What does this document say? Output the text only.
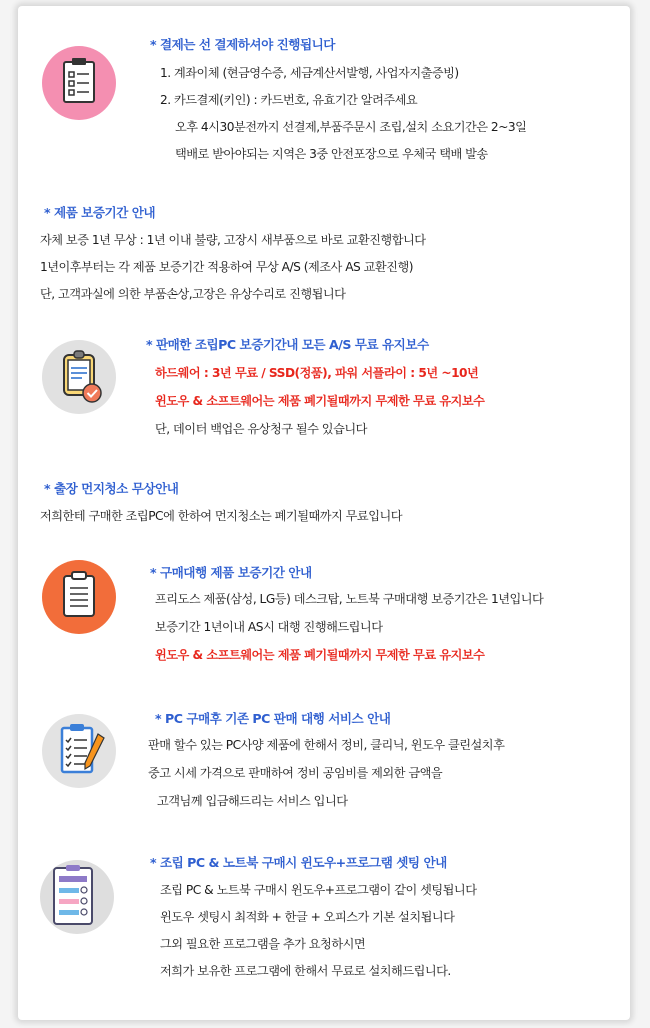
* 결제는 선 결제하셔야 진행됩니다
1. 계좌이체 (현금영수증, 세금계산서발행, 사업자지출증빙)
2. 카드결제(키인) : 카드번호, 유효기간 알려주세요
오후 4시30분전까지 선결제,부품주문시 조립,설치 소요기간은 2~3일
택배로 받아야되는 지역은 3중 안전포장으로 우체국 택배 발송
* 제품 보증기간 안내
자체 보증 1년 무상 : 1년 이내 불량, 고장시 새부품으로 바로 교환진행합니다
1년이후부터는 각 제품 보증기간 적용하여 무상 A/S (제조사 AS 교환진행)
단, 고객과실에 의한 부품손상,고장은 유상수리로 진행됩니다
* 판매한 조립PC 보증기간내 모든 A/S 무료 유지보수
하드웨어 : 3년 무료 / SSD(정품), 파워 서플라이 : 5년 ~10년
윈도우 & 소프트웨어는 제품 폐기될때까지 무제한 무료 유지보수
단, 데이터 백업은 유상청구 될수 있습니다
* 출장 먼지청소 무상안내
저희한테 구매한 조립PC에 한하여 먼지청소는 폐기될때까지 무료입니다
* 구매대행 제품 보증기간 안내
프리도스 제품(삼성, LG등) 데스크탑, 노트북 구매대행 보증기간은 1년입니다
보증기간 1년이내 AS시 대행 진행해드립니다
윈도우 & 소프트웨어는 제품 폐기될때까지 무제한 무료 유지보수
* PC 구매후 기존 PC 판매 대행 서비스 안내
판매 할수 있는 PC사양 제품에 한해서 정비, 클리닉, 윈도우 클린설치후
중고 시세 가격으로 판매하여 정비 공임비를 제외한 금액을
고객님께 입금해드리는 서비스 입니다
* 조립 PC & 노트북 구매시 윈도우+프로그램 셋팅 안내
조립 PC & 노트북 구매시 윈도우+프로그램이 같이 셋팅됩니다
윈도우 셋팅시 최적화 + 한글 + 오피스가 기본 설치됩니다
그외 필요한 프로그램을 추가 요청하시면
저희가 보유한 프로그램에 한해서 무료로 설치해드립니다.
